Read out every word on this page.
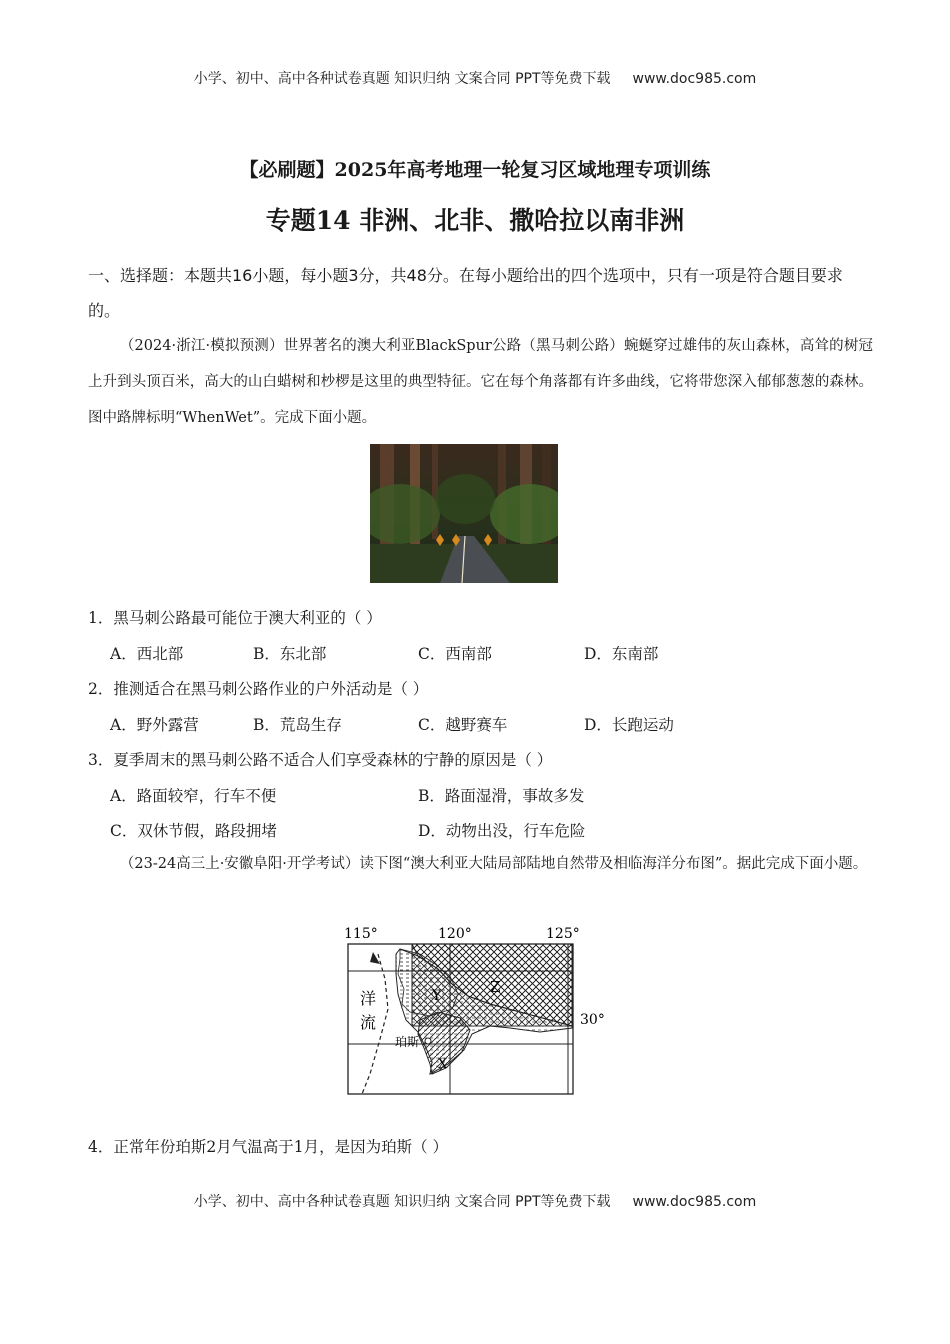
小学、初中、高中各种试卷真题 知识归纳 文案合同 PPT等免费下载 www.doc985.com
【必刷题】2025年高考地理一轮复习区域地理专项训练
专题14 非洲、北非、撒哈拉以南非洲
一、选择题：本题共16小题，每小题3分，共48分。在每小题给出的四个选项中，只有一项是符合题目要求的。
（2024·浙江·模拟预测）世界著名的澳大利亚BlackSpur公路（黑马刺公路）蜿蜒穿过雄伟的灰山森林，高耸的树冠上升到头顶百米，高大的山白蜡树和杪椤是这里的典型特征。它在每个角落都有许多曲线，它将带您深入郁郁葱葱的森林。图中路牌标明“WhenWet”。完成下面小题。
1．黑马刺公路最可能位于澳大利亚的（ ）
A．西北部	B．东北部	C．西南部	D．东南部
2．推测适合在黑马刺公路作业的户外活动是（ ）
A．野外露营	B．荒岛生存	C．越野赛车	D．长跑运动
3．夏季周末的黑马刺公路不适合人们享受森林的宁静的原因是（ ）
A．路面较窄，行车不便	B．路面湿滑，事故多发
C．双休节假，路段拥堵	D．动物出没，行车危险
（23-24高三上·安徽阜阳·开学考试）读下图“澳大利亚大陆局部陆地自然带及相临海洋分布图”。据此完成下面小题。
115°	120°	125°
30°
洋
流
珀斯
Y	Z
X
4．正常年份珀斯2月气温高于1月，是因为珀斯（ ）
小学、初中、高中各种试卷真题 知识归纳 文案合同 PPT等免费下载 www.doc985.com
